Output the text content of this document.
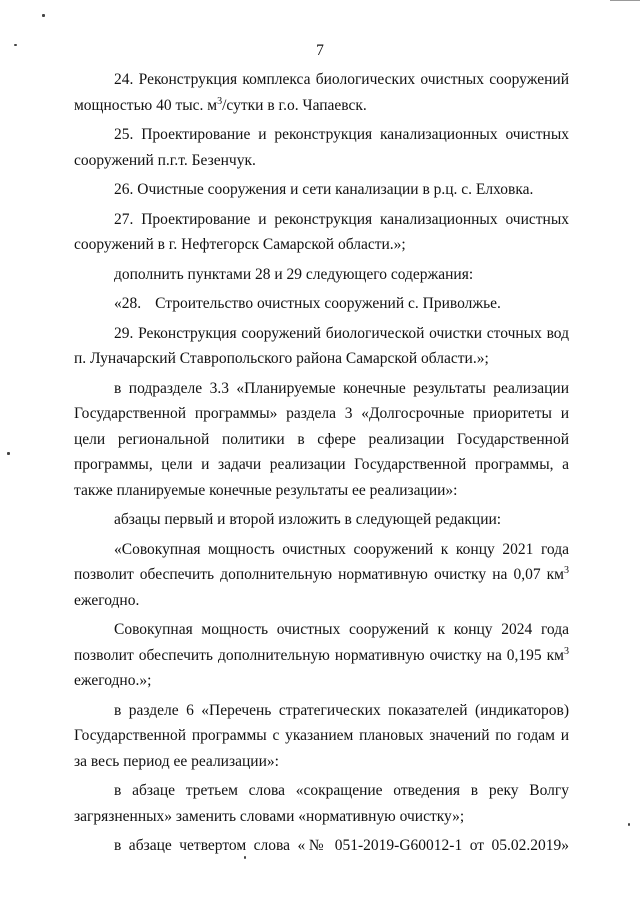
7

24. Реконструкция комплекса биологических очистных сооружений мощностью 40 тыс. $м^3$/сутки в г.о. Чапаевск.

25. Проектирование и реконструкция канализационных очистных сооружений п.г.т. Безенчук.

26. Очистные сооружения и сети канализации в р.ц. с. Елховка.

27. Проектирование и реконструкция канализационных очистных сооружений в г. Нефтегорск Самарской области.»;

дополнить пунктами 28 и 29 следующего содержания:

«28. Строительство очистных сооружений с. Приволжье.

29. Реконструкция сооружений биологической очистки сточных вод п. Луначарский Ставропольского района Самарской области.»;

в подразделе 3.3 «Планируемые конечные результаты реализации Государственной программы» раздела 3 «Долгосрочные приоритеты и цели региональной политики в сфере реализации Государственной программы, цели и задачи реализации Государственной программы, а также планируемые конечные результаты ее реализации»:

абзацы первый и второй изложить в следующей редакции:

«Совокупная мощность очистных сооружений к концу 2021 года позволит обеспечить дополнительную нормативную очистку на 0,07 $км^3$ ежегодно.

Совокупная мощность очистных сооружений к концу 2024 года позволит обеспечить дополнительную нормативную очистку на 0,195 $км^3$ ежегодно.»;

в разделе 6 «Перечень стратегических показателей (индикаторов) Государственной программы с указанием плановых значений по годам и за весь период ее реализации»:

в абзаце третьем слова «сокращение отведения в реку Волгу загрязненных» заменить словами «нормативную очистку»;

в абзаце четвертом слова «№ 051-2019-G60012-1 от 05.02.2019»
